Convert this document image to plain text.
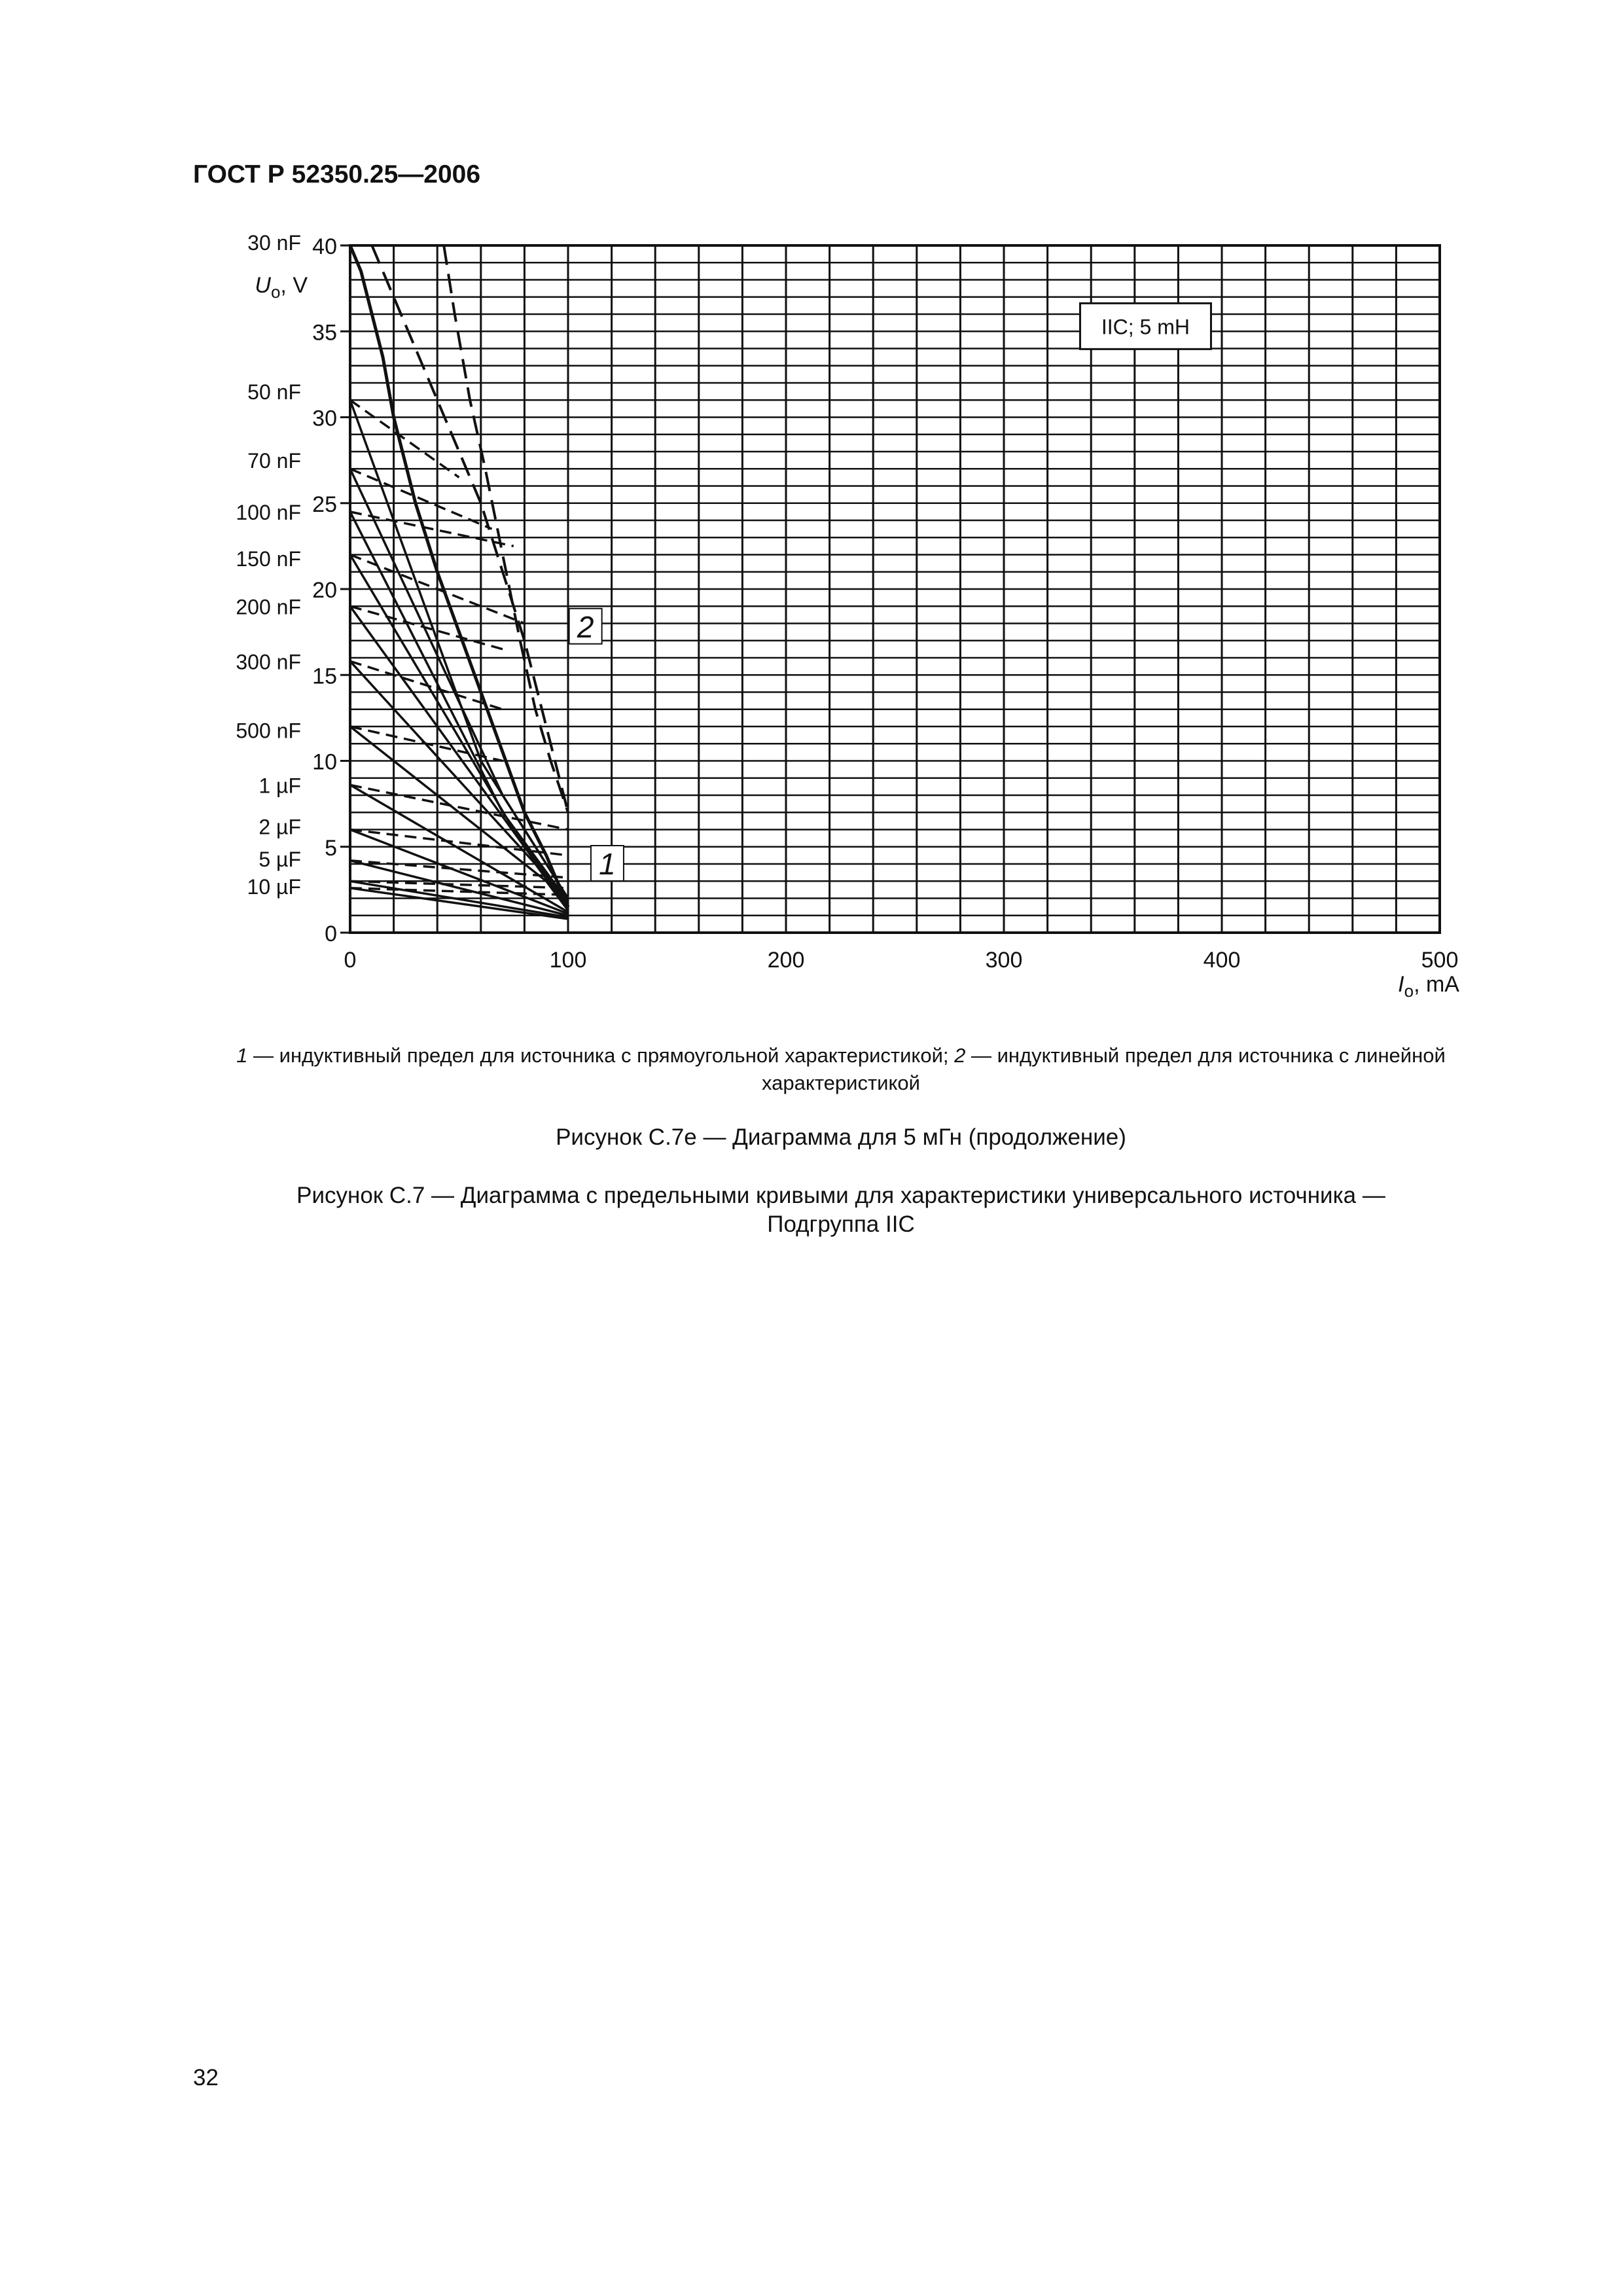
ГОСТ Р 52350.25—2006
0	100	200	300	400	500
0
5
10
15
20
25
30
35
40
$I_o$, mA
$U_o$, V
30 nF
50 nF
70 nF
100 nF
150 nF
200 nF
300 nF
500 nF
1 µF
2 µF
5 µF
10 µF
1
2
IIC; 5 mH
1 — индуктивный предел для источника с прямоугольной характеристикой; 2 — индуктивный предел для источника с линейной
характеристикой
Рисунок С.7е — Диаграмма для 5 мГн (продолжение)
Рисунок С.7 — Диаграмма с предельными кривыми для характеристики универсального источника —
Подгруппа IIC
32
